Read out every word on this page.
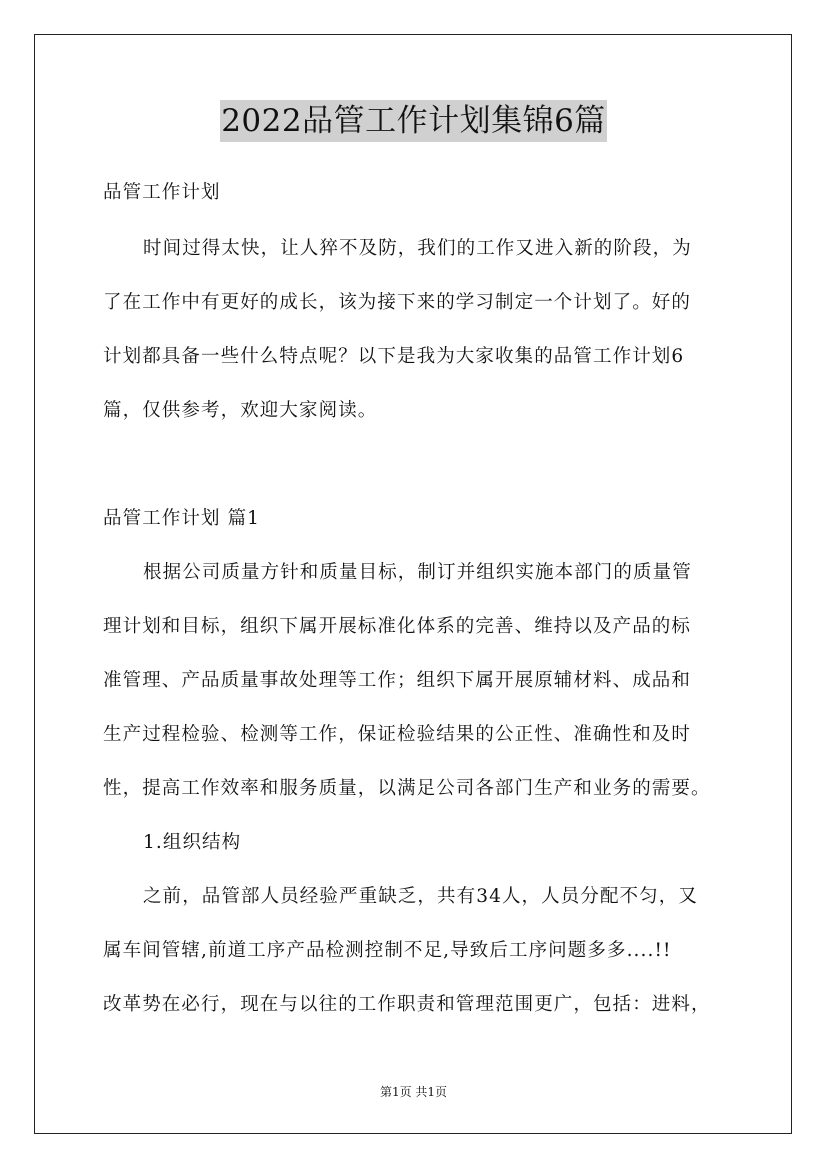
2022品管工作计划集锦6篇
品管工作计划
时间过得太快，让人猝不及防，我们的工作又进入新的阶段，为
了在工作中有更好的成长，该为接下来的学习制定一个计划了。好的
计划都具备一些什么特点呢？以下是我为大家收集的品管工作计划6
篇，仅供参考，欢迎大家阅读。
品管工作计划 篇1
根据公司质量方针和质量目标，制订并组织实施本部门的质量管
理计划和目标，组织下属开展标准化体系的完善、维持以及产品的标
准管理、产品质量事故处理等工作；组织下属开展原辅材料、成品和
生产过程检验、检测等工作，保证检验结果的公正性、准确性和及时
性，提高工作效率和服务质量，以满足公司各部门生产和业务的需要。
1.组织结构
之前，品管部人员经验严重缺乏，共有34人，人员分配不匀，又
属车间管辖,前道工序产品检测控制不足,导致后工序问题多多....!!
改革势在必行，现在与以往的工作职责和管理范围更广，包括：进料，
第1页 共1页
